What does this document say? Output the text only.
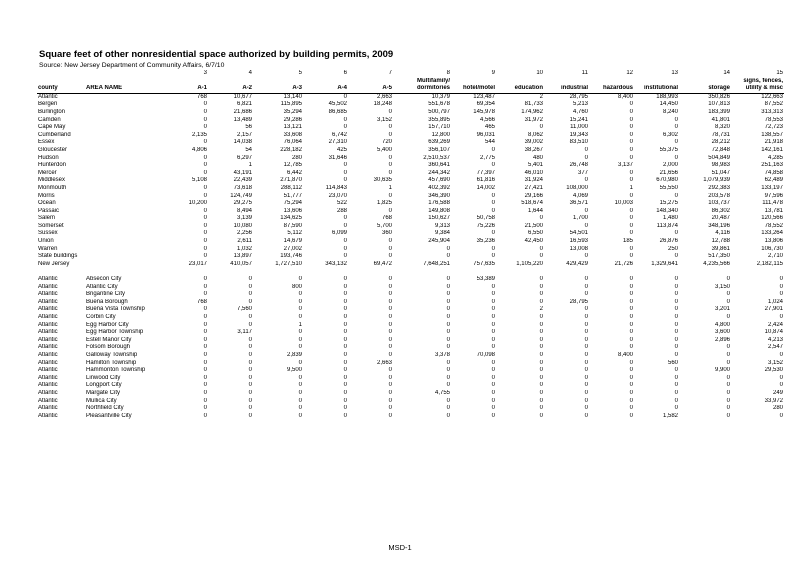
Square feet of other nonresidential space authorized by building permits, 2009
Source: New Jersey Department of Community Affairs, 6/7/10
		3	4	5	6	7	8	9	10	11	12	13	14	15
							Multifamily/							signs, fences,
county	AREA NAME	A-1	A-2	A-3	A-4	A-5	dormitories	hotel/motel	education	industrial	hazardous	institutional	storage	utility & misc
Atlantic		768	10,677	13,140	0	2,663	10,379	123,487	2	28,795	8,400	188,993	350,826	122,663
Bergen		0	6,821	115,895	45,502	18,248	551,678	69,354	81,733	5,213	0	14,450	107,813	87,552
Burlington		0	21,686	35,294	86,685	0	500,797	145,978	174,962	4,760	0	8,240	183,399	313,313
Camden		0	13,489	29,286	0	3,152	355,895	4,566	31,972	15,241	0	0	41,801	78,553
Cape May		0	56	13,121	0	0	157,710	465	0	11,000	0	0	8,320	72,723
Cumberland		2,135	2,157	33,608	6,742	0	12,800	96,031	8,062	19,343	0	6,302	78,731	138,557
Essex		0	14,038	76,064	27,310	720	639,269	544	39,002	83,510	0	0	28,212	21,918
Gloucester		4,806	54	228,182	425	5,400	356,107	0	38,267	0	0	55,375	72,848	142,161
Hudson		0	6,297	280	31,646	0	2,510,537	2,775	480	0	0	0	504,849	4,285
Hunterdon		0	1	12,785	0	0	360,641	0	5,401	26,748	3,137	2,000	98,983	251,163
Mercer		0	43,191	6,442	0	0	244,342	77,397	46,010	377	0	21,656	51,047	74,858
Middlesex		5,108	22,439	271,870	0	30,635	457,690	61,816	31,924	0	0	670,980	1,079,939	62,489
Monmouth		0	73,618	288,112	114,843	1	402,392	14,002	27,421	108,000	1	55,550	292,383	133,197
Morris		0	124,749	51,777	23,070	0	346,390	0	29,166	4,069	0	0	203,578	97,596
Ocean		10,200	29,275	75,294	522	1,825	176,588	0	518,674	36,571	10,003	15,275	103,737	111,478
Passaic		0	8,494	13,606	288	0	149,808	0	1,644	0	0	148,340	86,302	13,781
Salem		0	3,139	134,625	0	768	150,627	50,758	0	1,700	0	1,480	20,487	120,566
Somerset		0	10,080	87,590	0	5,700	9,313	75,226	21,500	0	0	113,874	348,196	78,552
Sussex		0	2,256	5,112	6,099	360	9,384	0	6,550	54,501	0	0	4,116	133,264
Union		0	2,611	14,679	0	0	245,904	35,236	42,450	16,593	185	26,876	12,788	13,806
Warren		0	1,032	27,002	0	0	0	0	0	13,008	0	250	39,861	106,730
State buildings		0	13,897	193,746	0	0	0	0	0	0	0	0	517,350	2,710
New Jersey		23,017	410,057	1,727,510	343,132	69,472	7,648,251	757,635	1,105,220	429,429	21,726	1,329,641	4,235,566	2,182,115

Atlantic	Absecon City	0	0	0	0	0	0	53,389	0	0	0	0	0	0
Atlantic	Atlantic City	0	0	800	0	0	0	0	0	0	0	0	3,150	0
Atlantic	Brigantine City	0	0	0	0	0	0	0	0	0	0	0	0	0
Atlantic	Buena Borough	768	0	0	0	0	0	0	0	28,795	0	0	0	1,024
Atlantic	Buena Vista Township	0	7,560	0	0	0	0	0	2	0	0	0	3,201	27,901
Atlantic	Corbin City	0	0	0	0	0	0	0	0	0	0	0	0	0
Atlantic	Egg Harbor City	0	0	1	0	0	0	0	0	0	0	0	4,800	2,424
Atlantic	Egg Harbor Township	0	3,117	0	0	0	0	0	0	0	0	0	3,600	10,874
Atlantic	Estell Manor City	0	0	0	0	0	0	0	0	0	0	0	2,896	4,213
Atlantic	Folsom Borough	0	0	0	0	0	0	0	0	0	0	0	0	2,547
Atlantic	Galloway Township	0	0	2,839	0	0	3,378	70,098	0	0	8,400	0	0	0
Atlantic	Hamilton Township	0	0	0	0	2,663	0	0	0	0	0	560	0	3,152
Atlantic	Hammonton Township	0	0	9,500	0	0	0	0	0	0	0	0	9,900	29,530
Atlantic	Linwood City	0	0	0	0	0	0	0	0	0	0	0	0	0
Atlantic	Longport City	0	0	0	0	0	0	0	0	0	0	0	0	0
Atlantic	Margate City	0	0	0	0	0	4,755	0	0	0	0	0	0	249
Atlantic	Mullica City	0	0	0	0	0	0	0	0	0	0	0	0	33,972
Atlantic	Northfield City	0	0	0	0	0	0	0	0	0	0	0	0	280
Atlantic	Pleasantville City	0	0	0	0	0	0	0	0	0	0	1,582	0	0
MSD-1
